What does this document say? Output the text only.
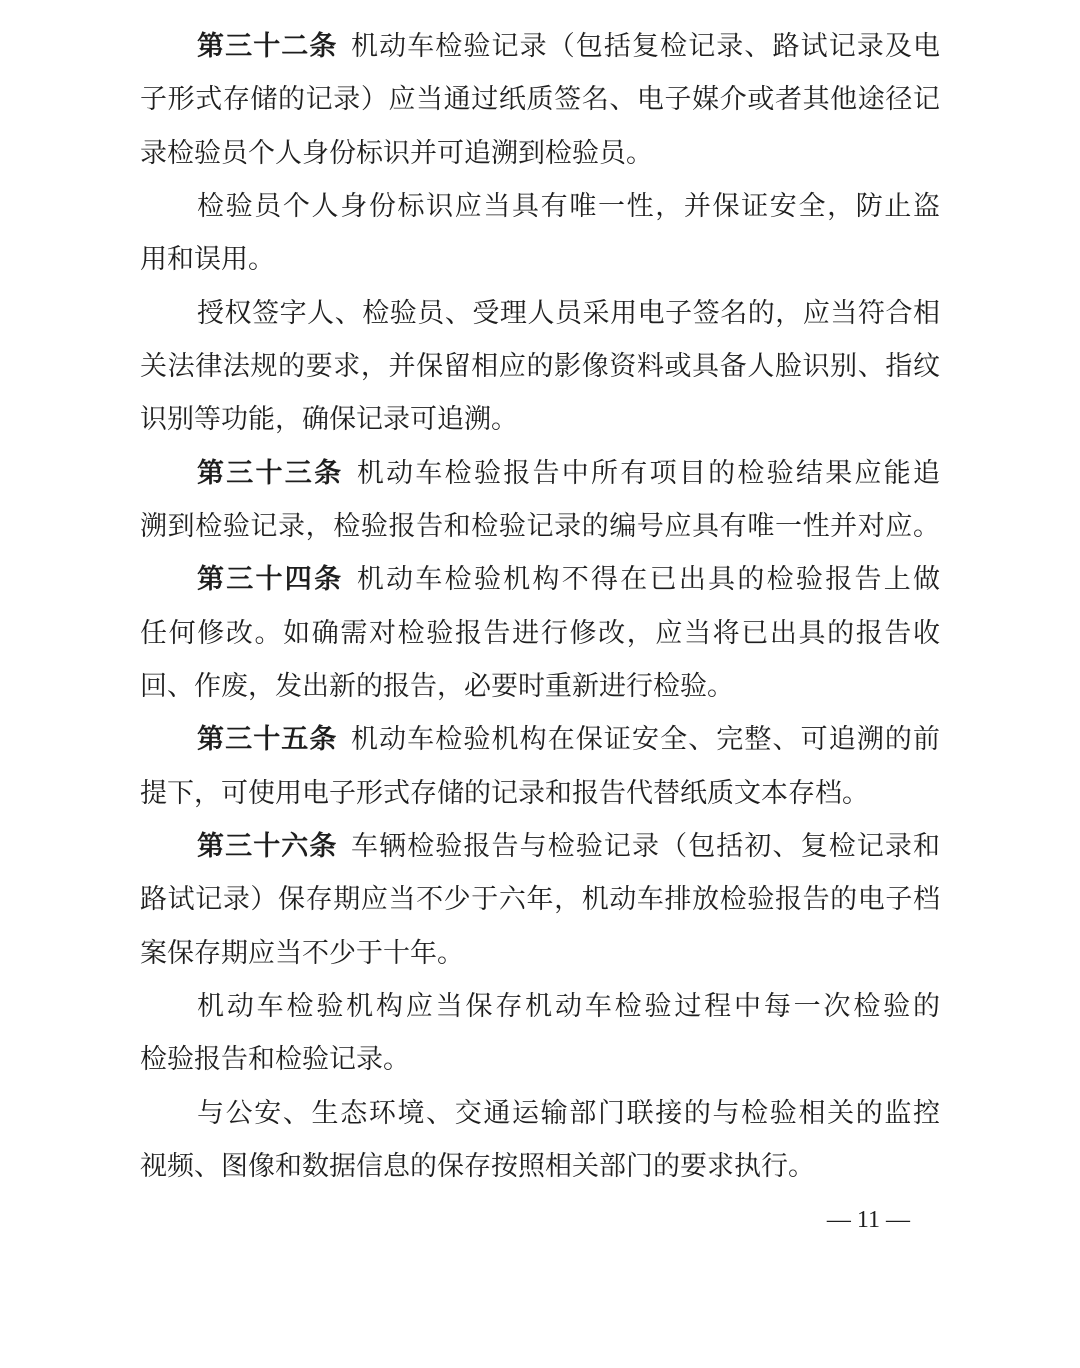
第三十二条 机动车检验记录（包括复检记录、路试记录及电
子形式存储的记录）应当通过纸质签名、电子媒介或者其他途径记
录检验员个人身份标识并可追溯到检验员。
检验员个人身份标识应当具有唯一性，并保证安全，防止盗
用和误用。
授权签字人、检验员、受理人员采用电子签名的，应当符合相
关法律法规的要求，并保留相应的影像资料或具备人脸识别、指纹
识别等功能，确保记录可追溯。
第三十三条 机动车检验报告中所有项目的检验结果应能追
溯到检验记录，检验报告和检验记录的编号应具有唯一性并对应。
第三十四条 机动车检验机构不得在已出具的检验报告上做
任何修改。如确需对检验报告进行修改，应当将已出具的报告收
回、作废，发出新的报告，必要时重新进行检验。
第三十五条 机动车检验机构在保证安全、完整、可追溯的前
提下，可使用电子形式存储的记录和报告代替纸质文本存档。
第三十六条 车辆检验报告与检验记录（包括初、复检记录和
路试记录）保存期应当不少于六年，机动车排放检验报告的电子档
案保存期应当不少于十年。
机动车检验机构应当保存机动车检验过程中每一次检验的
检验报告和检验记录。
与公安、生态环境、交通运输部门联接的与检验相关的监控
视频、图像和数据信息的保存按照相关部门的要求执行。
— 11 —
